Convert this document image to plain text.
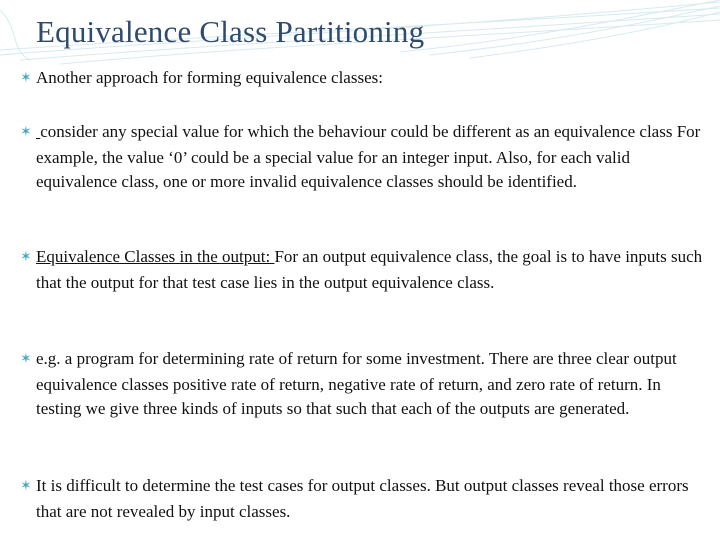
Equivalence Class Partitioning
✶ Another approach for forming equivalence classes:
✶ consider any special value for which the behaviour could be different as an equivalence class For example, the value ‘0’ could be a special value for an integer input. Also, for each valid equivalence class, one or more invalid equivalence classes should be identified.
✶ Equivalence Classes in the output: For an output equivalence class, the goal is to have inputs such that the output for that test case lies in the output equivalence class.
✶ e.g. a program for determining rate of return for some investment. There are three clear output equivalence classes positive rate of return, negative rate of return, and zero rate of return. In testing we give three kinds of inputs so that such that each of the outputs are generated.
✶ It is difficult to determine the test cases for output classes. But output classes reveal those errors that are not revealed by input classes.
